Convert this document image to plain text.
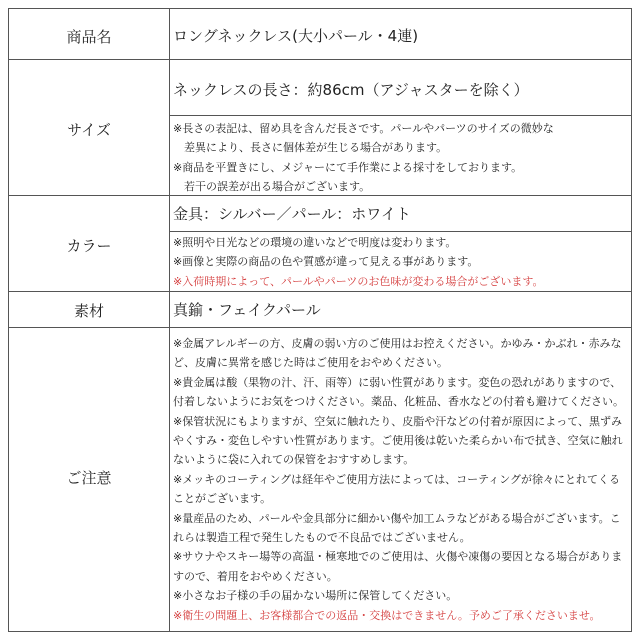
商品名	ロングネックレス(大小パール・4連)
サイズ
ネックレスの長さ：約86cm（アジャスターを除く）
※長さの表記は、留め具を含んだ長さです。パールやパーツのサイズの微妙な
差異により、長さに個体差が生じる場合があります。
※商品を平置きにし、メジャーにて手作業による採寸をしております。
若干の誤差が出る場合がございます。
カラー
金具：シルバー／パール：ホワイト
※照明や日光などの環境の違いなどで明度は変わります。
※画像と実際の商品の色や質感が違って見える事があります。
※入荷時期によって、パールやパーツのお色味が変わる場合がございます。
素材	真鍮・フェイクパール
ご注意
※金属アレルギーの方、皮膚の弱い方のご使用はお控えください。かゆみ・かぶれ・赤みなど、皮膚に異常を感じた時はご使用をおやめください。
※貴金属は酸（果物の汁、汗、雨等）に弱い性質があります。変色の恐れがありますので、付着しないようにお気をつけください。薬品、化粧品、香水などの付着も避けてください。
※保管状況にもよりますが、空気に触れたり、皮脂や汗などの付着が原因によって、黒ずみやくすみ・変色しやすい性質があります。ご使用後は乾いた柔らかい布で拭き、空気に触れないように袋に入れての保管をおすすめします。
※メッキのコーティングは経年やご使用方法によっては、コーティングが徐々にとれてくることがございます。
※量産品のため、パールや金具部分に細かい傷や加工ムラなどがある場合がございます。これらは製造工程で発生したもので不良品ではございません。
※サウナやスキー場等の高温・極寒地でのご使用は、火傷や凍傷の要因となる場合がありますので、着用をおやめください。
※小さなお子様の手の届かない場所に保管してください。
※衛生の問題上、お客様都合での返品・交換はできません。予めご了承くださいませ。
